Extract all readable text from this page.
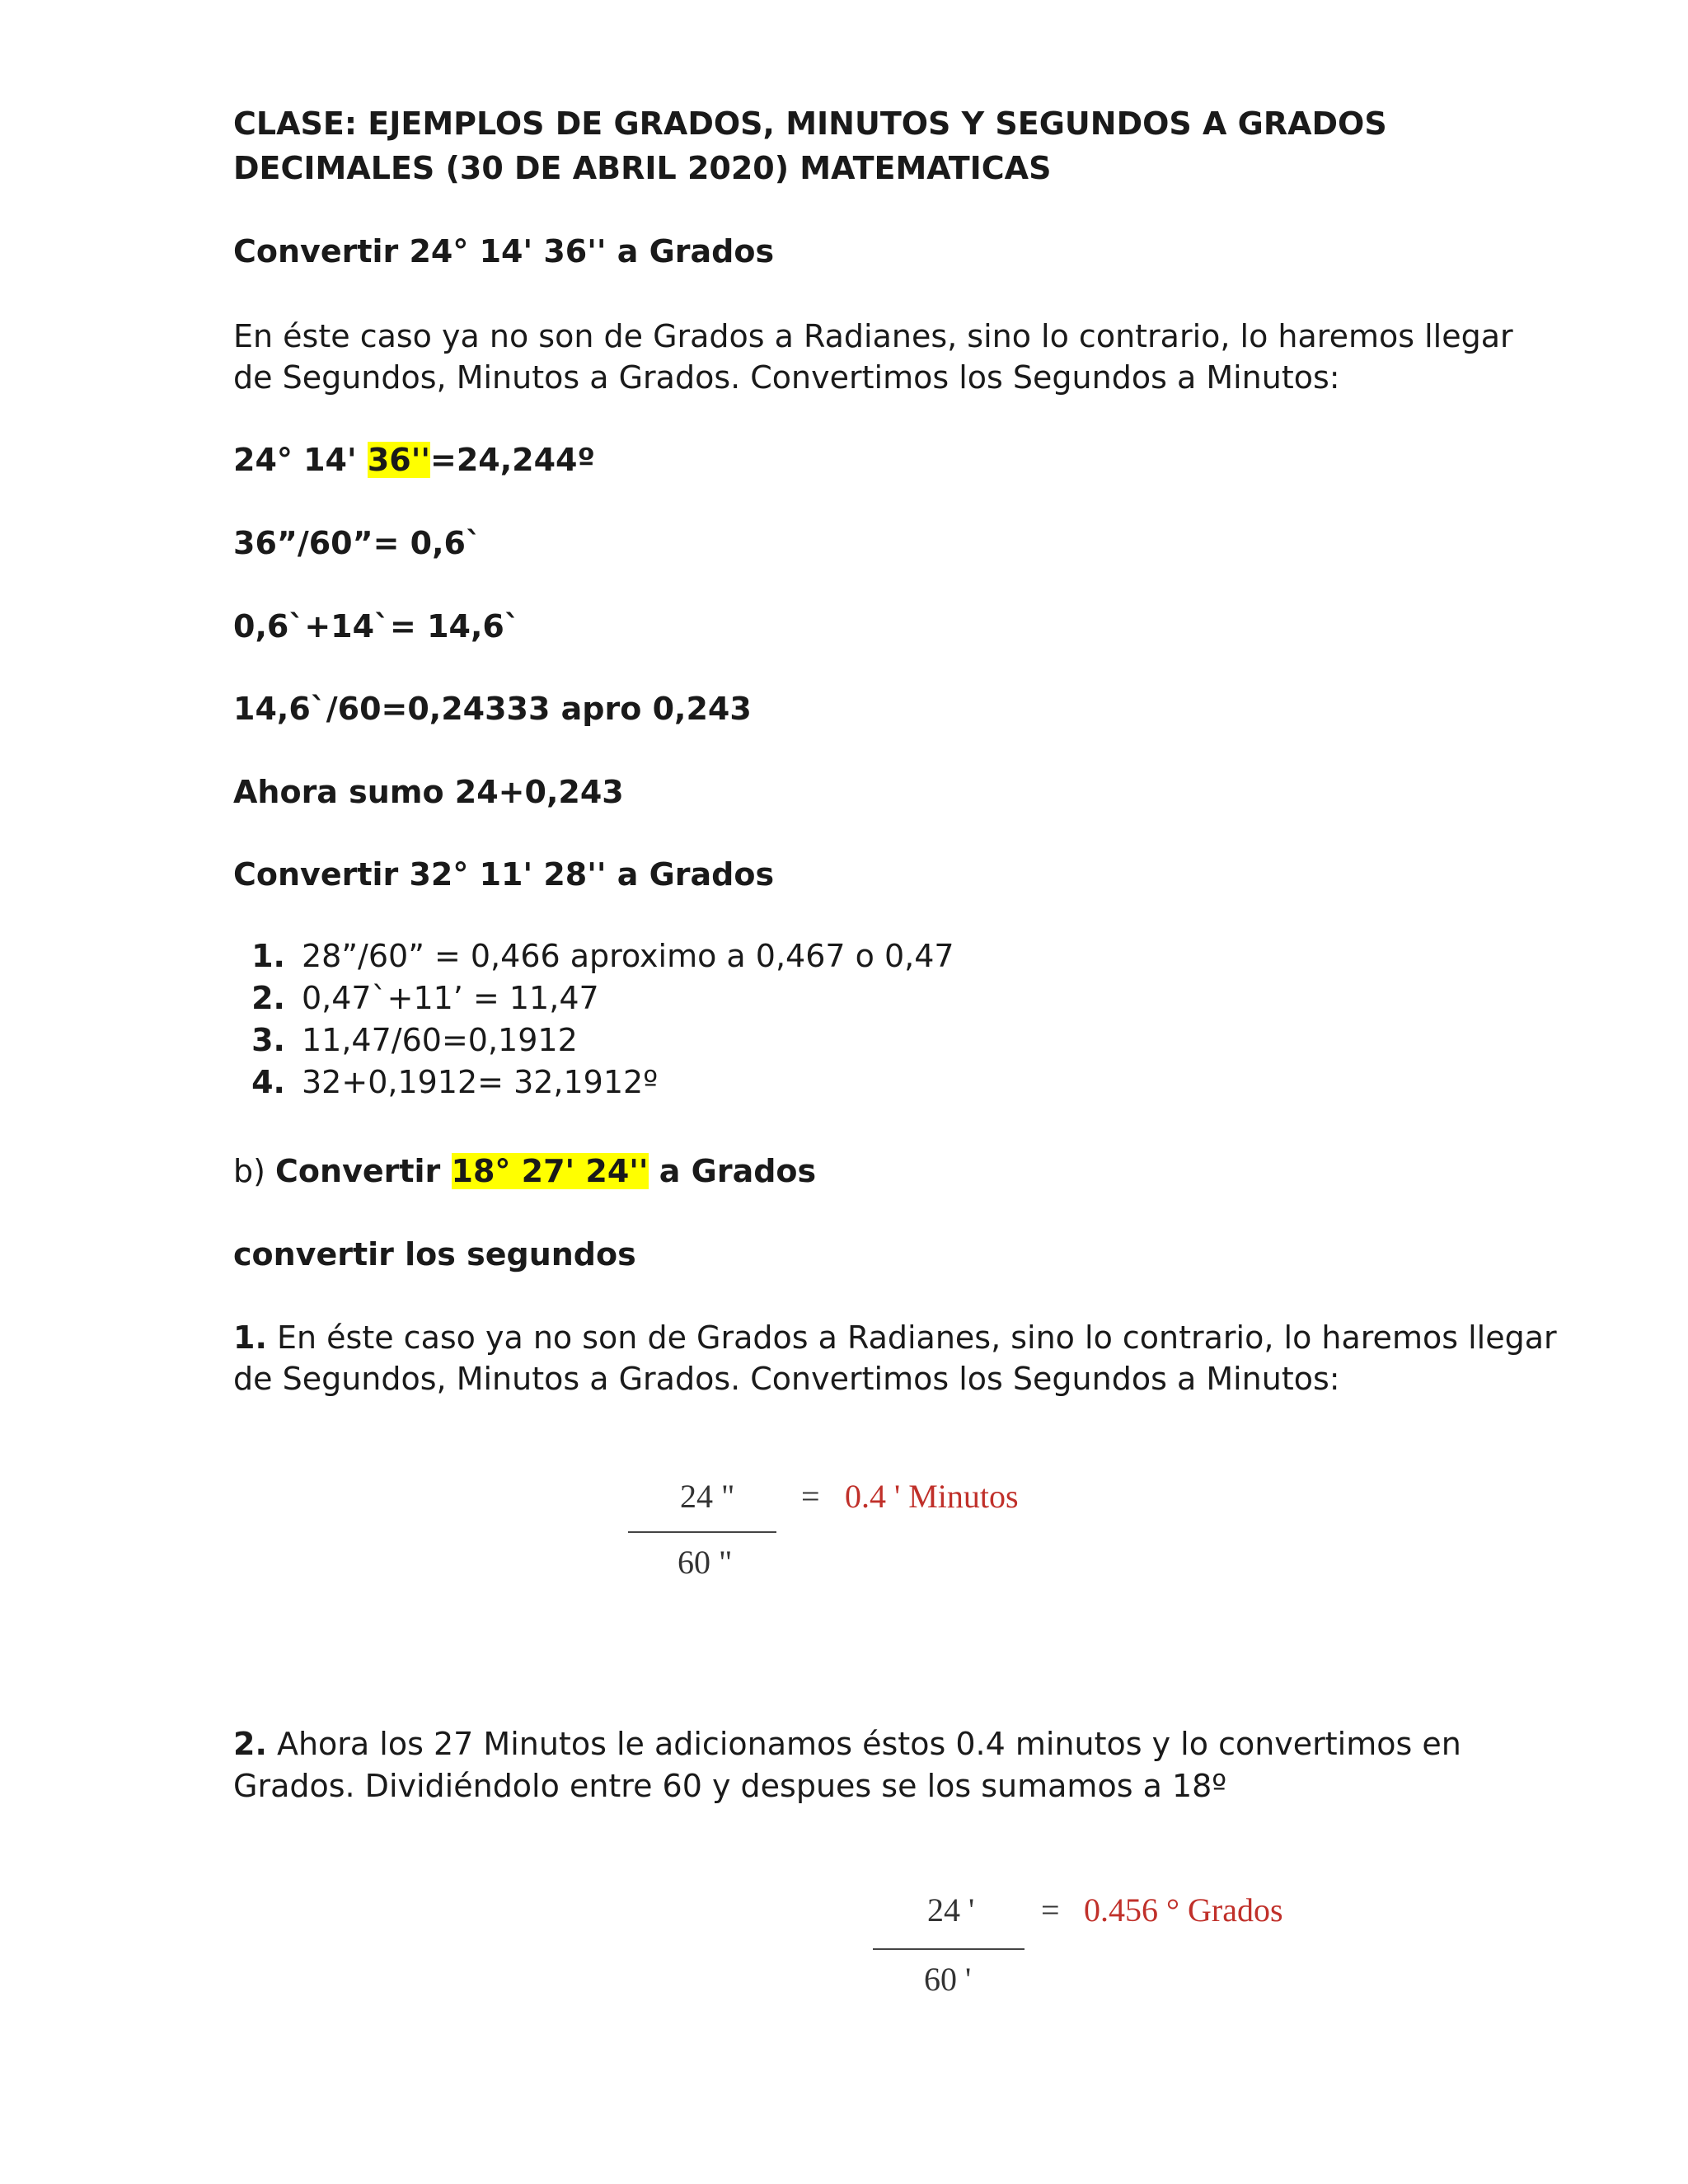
CLASE: EJEMPLOS DE GRADOS, MINUTOS Y SEGUNDOS A GRADOS
DECIMALES (30 DE ABRIL 2020) MATEMATICAS
Convertir 24° 14' 36'' a Grados
En éste caso ya no son de Grados a Radianes, sino lo contrario, lo haremos llegar
de Segundos, Minutos a Grados. Convertimos los Segundos a Minutos:
24° 14' 36''=24,244º
36”/60”= 0,6`
0,6`+14`= 14,6`
14,6`/60=0,24333 apro 0,243
Ahora sumo 24+0,243
Convertir 32° 11' 28'' a Grados
1. 28”/60” = 0,466 aproximo a 0,467 o 0,47
2. 0,47`+11’ = 11,47
3. 11,47/60=0,1912
4. 32+0,1912= 32,1912º
b) Convertir 18° 27' 24'' a Grados
convertir los segundos
1. En éste caso ya no son de Grados a Radianes, sino lo contrario, lo haremos llegar
de Segundos, Minutos a Grados. Convertimos los Segundos a Minutos:
24 "
60 "
= 0.4 ' Minutos
2. Ahora los 27 Minutos le adicionamos éstos 0.4 minutos y lo convertimos en
Grados. Dividiéndolo entre 60 y despues se los sumamos a 18º
24 '
60 '
= 0.456 ° Grados
